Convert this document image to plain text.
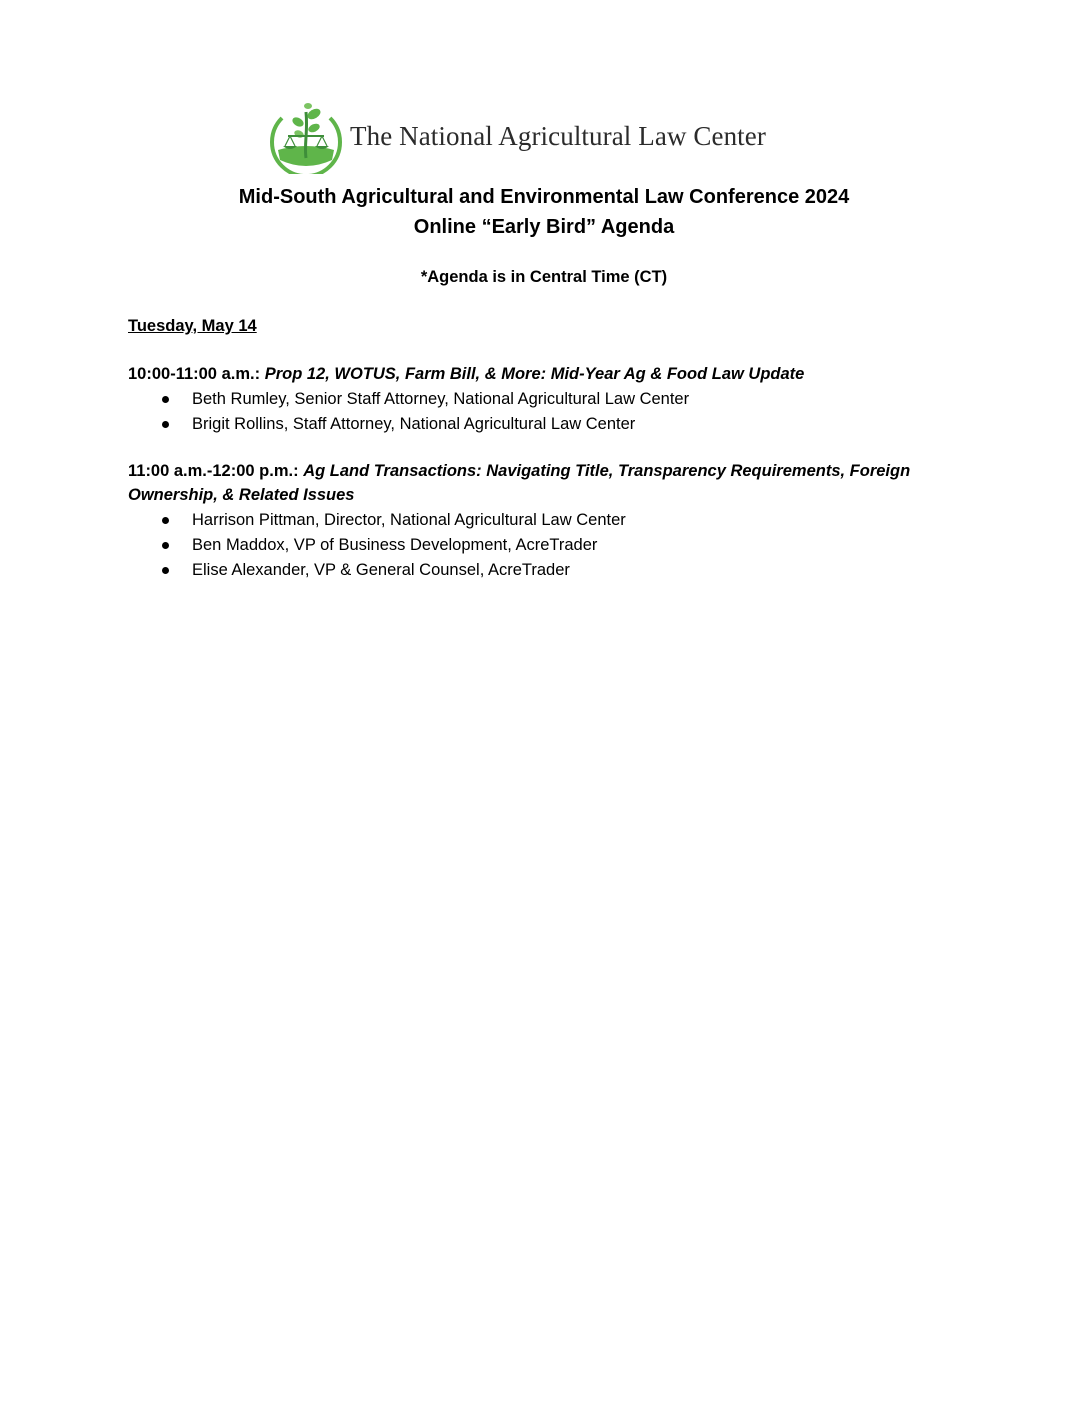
The National Agricultural Law Center
Mid-South Agricultural and Environmental Law Conference 2024
Online “Early Bird” Agenda
*Agenda is in Central Time (CT)
Tuesday, May 14
10:00-11:00 a.m.: Prop 12, WOTUS, Farm Bill, & More: Mid-Year Ag & Food Law Update
Beth Rumley, Senior Staff Attorney, National Agricultural Law Center
Brigit Rollins, Staff Attorney, National Agricultural Law Center
11:00 a.m.-12:00 p.m.: Ag Land Transactions: Navigating Title, Transparency Requirements, Foreign Ownership, & Related Issues
Harrison Pittman, Director, National Agricultural Law Center
Ben Maddox, VP of Business Development, AcreTrader
Elise Alexander, VP & General Counsel, AcreTrader
